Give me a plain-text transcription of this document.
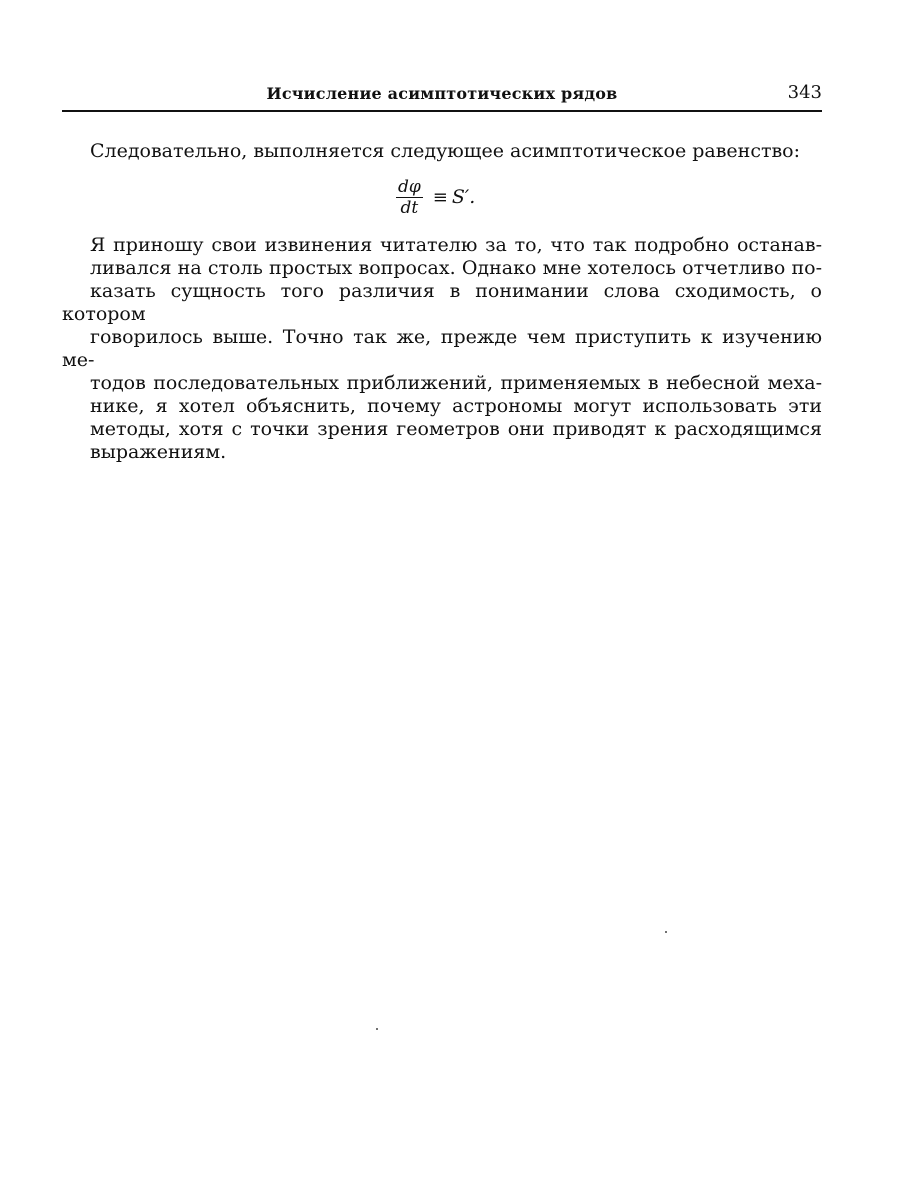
Исчисление асимптотических рядов	343
Следовательно, выполняется следующее асимптотическое равенство:
$\frac{d\varphi}{dt} \equiv S'$.
Я приношу свои извинения читателю за то, что так подробно останав-
ливался на столь простых вопросах. Однако мне хотелось отчетливо по-
казать сущность того различия в понимании слова сходимость, о котором
говорилось выше. Точно так же, прежде чем приступить к изучению ме-
тодов последовательных приближений, применяемых в небесной меха-
нике, я хотел объяснить, почему астрономы могут использовать эти
методы, хотя с точки зрения геометров они приводят к расходящимся
выражениям.
